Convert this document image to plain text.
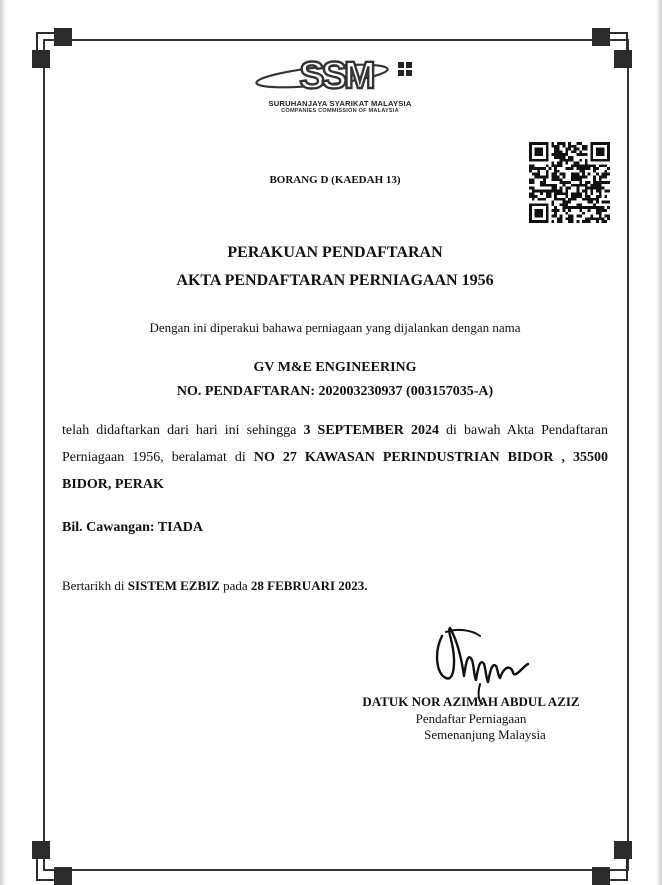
SSM
SURUHANJAYA SYARIKAT MALAYSIA
COMPANIES COMMISSION OF MALAYSIA
BORANG D (KAEDAH 13)
PERAKUAN PENDAFTARAN
AKTA PENDAFTARAN PERNIAGAAN 1956
Dengan ini diperakui bahawa perniagaan yang dijalankan dengan nama
GV M&E ENGINEERING
NO. PENDAFTARAN: 202003230937 (003157035-A)
telah didaftarkan dari hari ini sehingga 3 SEPTEMBER 2024 di bawah Akta Pendaftaran Perniagaan 1956, beralamat di NO 27 KAWASAN PERINDUSTRIAN BIDOR , 35500 BIDOR, PERAK
Bil. Cawangan: TIADA
Bertarikh di SISTEM EZBIZ pada 28 FEBRUARI 2023.
DATUK NOR AZIMAH ABDUL AZIZ
Pendaftar Perniagaan
Semenanjung Malaysia
